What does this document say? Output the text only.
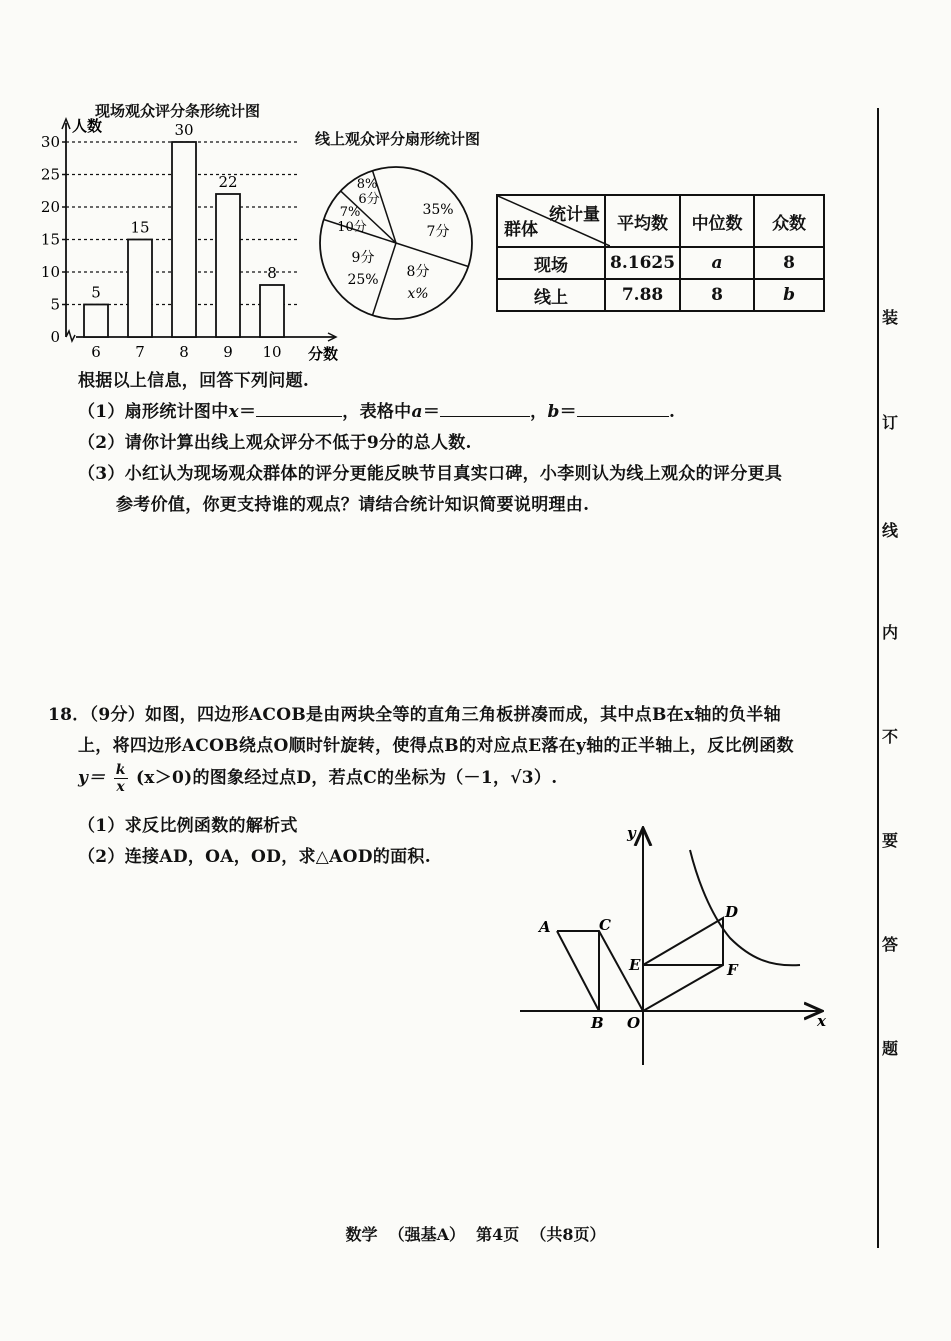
现场观众评分条形统计图
人数
0
5
10
15
20
25
30
5
6
15
7
30
8
22
9
8
10 分数
线上观众评分扇形统计图
35%
7分
8分
x%
9分
25%
7%
10分
8%
6分
统计量
群体	平均数	中位数	众数
现场	8.1625	a	8
线上	7.88	8	b
根据以上信息，回答下列问题.
（1）扇形统计图中x＝	，表格中a＝	，b＝	.
（2）请你计算出线上观众评分不低于9分的总人数.
（3）小红认为现场观众群体的评分更能反映节目真实口碑，小李则认为线上观众的评分更具
参考价值，你更支持谁的观点？请结合统计知识简要说明理由.
18．（9分）如图，四边形ACOB是由两块全等的直角三角板拼凑而成，其中点B在x轴的负半轴
上，将四边形ACOB绕点O顺时针旋转，使得点B的对应点E落在y轴的正半轴上，反比例函数
$y= \frac{k}{x} (x>0)$的图象经过点D，若点C的坐标为（－1，√3）.
（1）求反比例函数的解析式
（2）连接AD，OA，OD，求△AOD的面积.
A	C
B O
D
E	F
x
y
装
订
线
内
不
要
答
题
数学  （强基A）  第4页  （共8页）
